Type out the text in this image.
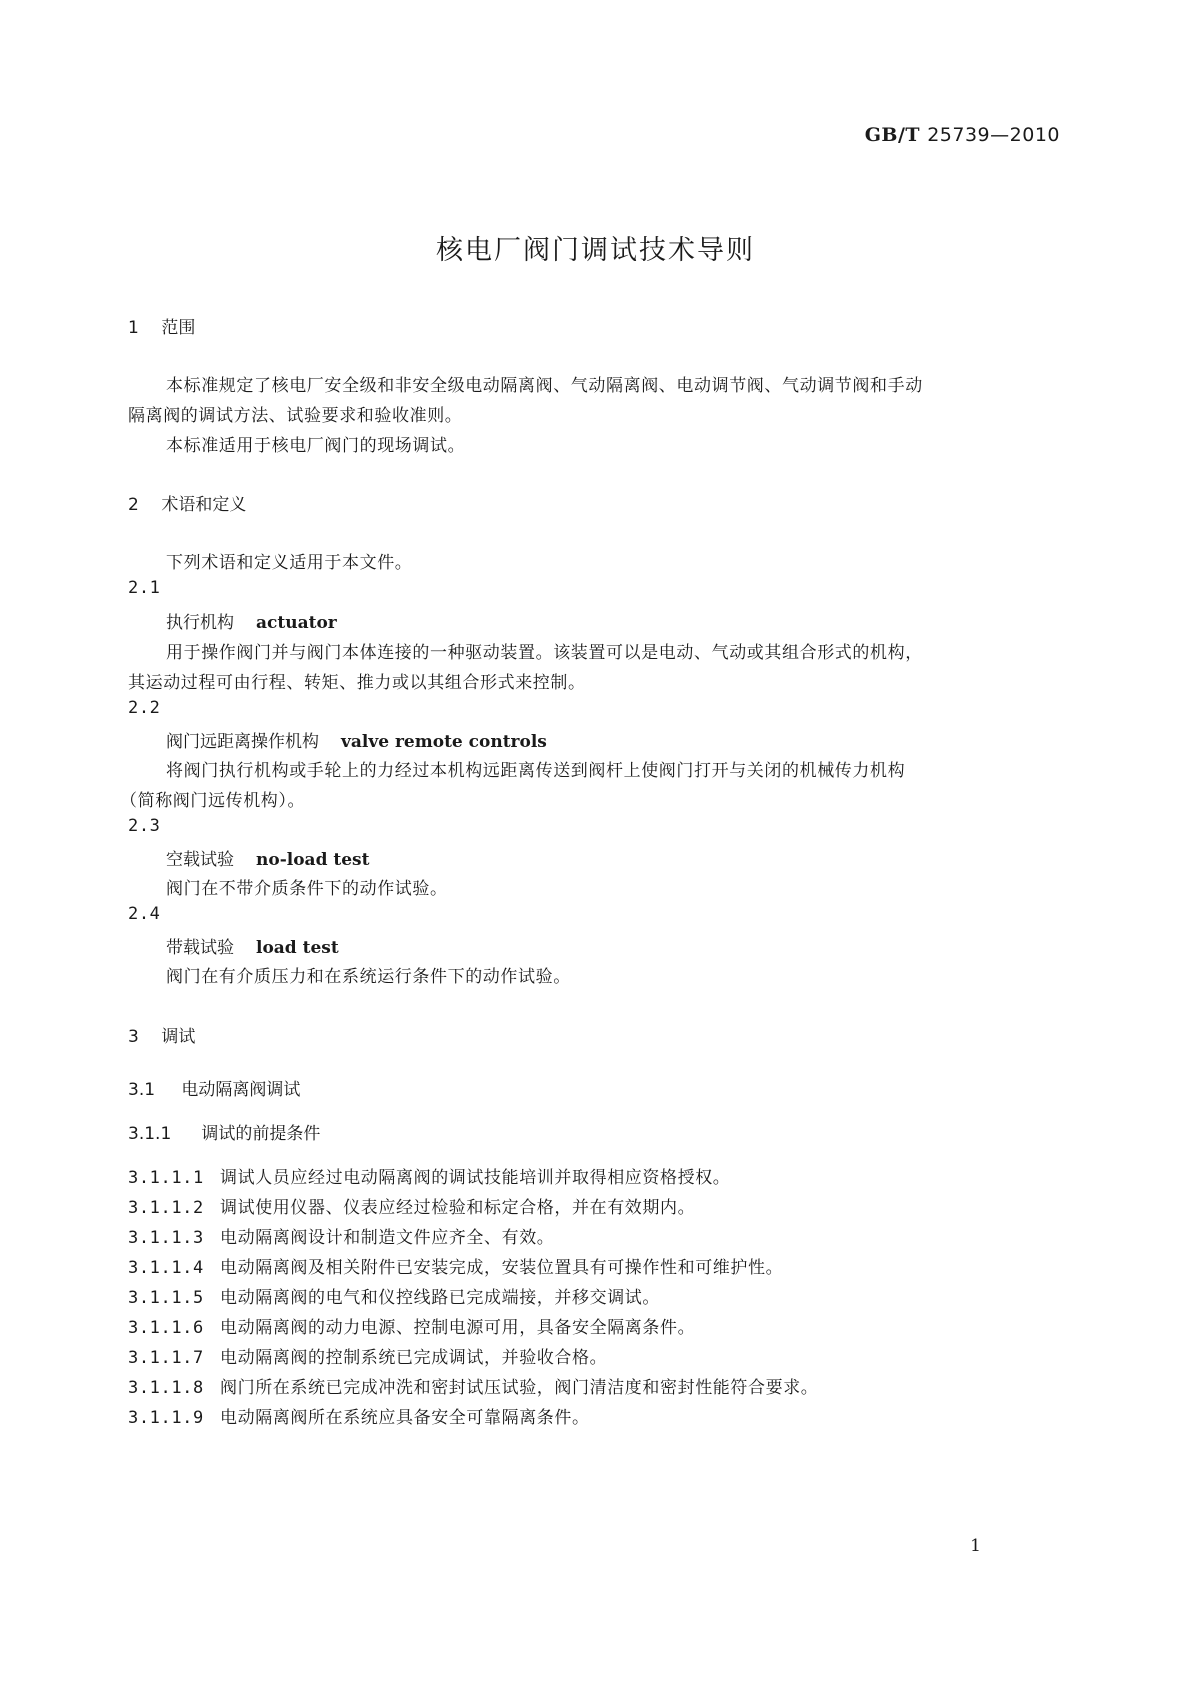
GB/T 25739—2010
核电厂阀门调试技术导则
1 范围
本标准规定了核电厂安全级和非安全级电动隔离阀、气动隔离阀、电动调节阀、气动调节阀和手动
隔离阀的调试方法、试验要求和验收准则。
本标准适用于核电厂阀门的现场调试。
2 术语和定义
下列术语和定义适用于本文件。
2.1
执行机构 actuator
用于操作阀门并与阀门本体连接的一种驱动装置。该装置可以是电动、气动或其组合形式的机构，
其运动过程可由行程、转矩、推力或以其组合形式来控制。
2.2
阀门远距离操作机构 valve remote controls
将阀门执行机构或手轮上的力经过本机构远距离传送到阀杆上使阀门打开与关闭的机械传力机构
（简称阀门远传机构）。
2.3
空载试验 no-load test
阀门在不带介质条件下的动作试验。
2.4
带载试验 load test
阀门在有介质压力和在系统运行条件下的动作试验。
3 调试
3.1 电动隔离阀调试
3.1.1 调试的前提条件
3.1.1.1 调试人员应经过电动隔离阀的调试技能培训并取得相应资格授权。
3.1.1.2 调试使用仪器、仪表应经过检验和标定合格，并在有效期内。
3.1.1.3 电动隔离阀设计和制造文件应齐全、有效。
3.1.1.4 电动隔离阀及相关附件已安装完成，安装位置具有可操作性和可维护性。
3.1.1.5 电动隔离阀的电气和仪控线路已完成端接，并移交调试。
3.1.1.6 电动隔离阀的动力电源、控制电源可用，具备安全隔离条件。
3.1.1.7 电动隔离阀的控制系统已完成调试，并验收合格。
3.1.1.8 阀门所在系统已完成冲洗和密封试压试验，阀门清洁度和密封性能符合要求。
3.1.1.9 电动隔离阀所在系统应具备安全可靠隔离条件。
1
